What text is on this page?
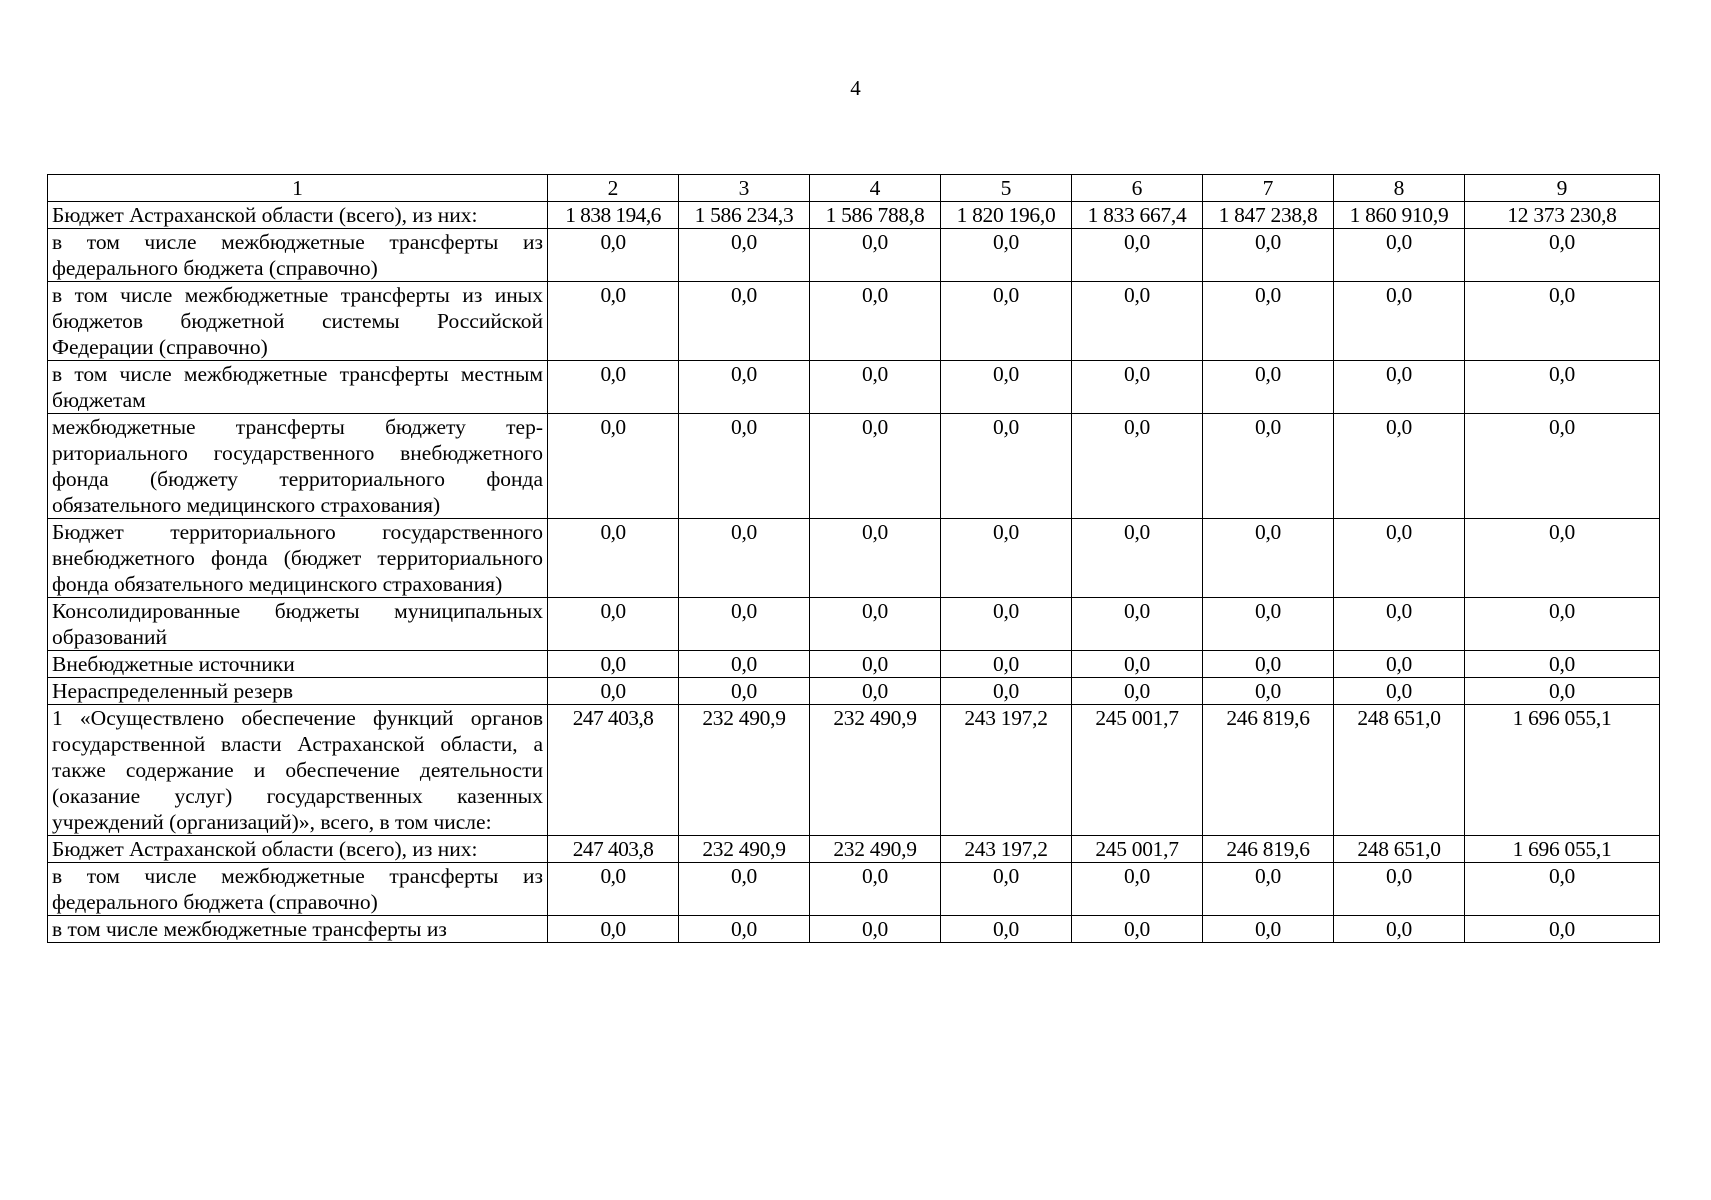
4
1	2	3	4	5	6	7	8	9
Бюджет Астраханской области (всего), из них:	1 838 194,6	1 586 234,3	1 586 788,8	1 820 196,0	1 833 667,4	1 847 238,8	1 860 910,9	12 373 230,8
в том числе межбюджетные трансферты из федерального бюджета (справочно)	0,0	0,0	0,0	0,0	0,0	0,0	0,0	0,0
в том числе межбюджетные трансферты из иных бюджетов бюджетной системы Российской Федерации (справочно)	0,0	0,0	0,0	0,0	0,0	0,0	0,0	0,0
в том числе межбюджетные трансферты местным бюджетам	0,0	0,0	0,0	0,0	0,0	0,0	0,0	0,0
межбюджетные трансферты бюджету территориального государственного внебюджетного фонда (бюджету территориального фонда обязательного медицинского страхования)	0,0	0,0	0,0	0,0	0,0	0,0	0,0	0,0
Бюджет территориального государственного внебюджетного фонда (бюджет территориального фонда обязательного медицинского страхования)	0,0	0,0	0,0	0,0	0,0	0,0	0,0	0,0
Консолидированные бюджеты муниципальных образований	0,0	0,0	0,0	0,0	0,0	0,0	0,0	0,0
Внебюджетные источники	0,0	0,0	0,0	0,0	0,0	0,0	0,0	0,0
Нераспределенный резерв	0,0	0,0	0,0	0,0	0,0	0,0	0,0	0,0
1 «Осуществлено обеспечение функций органов государственной власти Астраханской области, а также содержание и обеспечение деятельности (оказание услуг) государственных казенных учреждений (организаций)», всего, в том числе:	247 403,8	232 490,9	232 490,9	243 197,2	245 001,7	246 819,6	248 651,0	1 696 055,1
Бюджет Астраханской области (всего), из них:	247 403,8	232 490,9	232 490,9	243 197,2	245 001,7	246 819,6	248 651,0	1 696 055,1
в том числе межбюджетные трансферты из федерального бюджета (справочно)	0,0	0,0	0,0	0,0	0,0	0,0	0,0	0,0
в том числе межбюджетные трансферты из	0,0	0,0	0,0	0,0	0,0	0,0	0,0	0,0
